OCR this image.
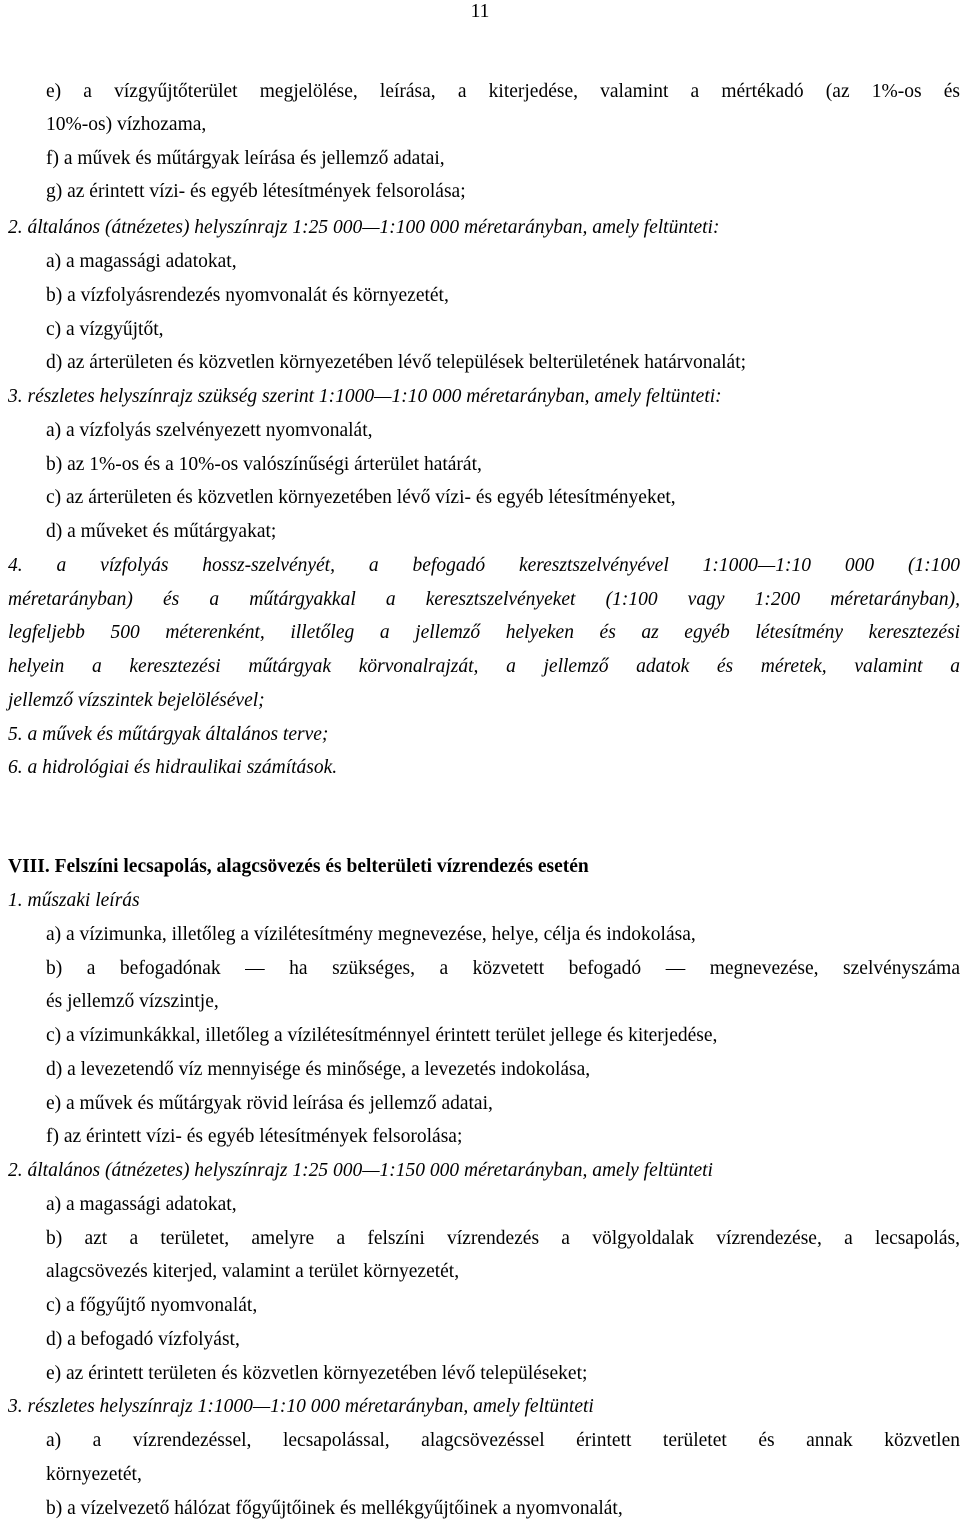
11
e) a vízgyűjtőterület megjelölése, leírása, a kiterjedése, valamint a mértékadó (az 1%-os és
10%-os) vízhozama,
f) a művek és műtárgyak leírása és jellemző adatai,
g) az érintett vízi- és egyéb létesítmények felsorolása;
2. általános (átnézetes) helyszínrajz 1:25 000—1:100 000 méretarányban, amely feltünteti:
a) a magassági adatokat,
b) a vízfolyásrendezés nyomvonalát és környezetét,
c) a vízgyűjtőt,
d) az árterületen és közvetlen környezetében lévő települések belterületének határvonalát;
3. részletes helyszínrajz szükség szerint 1:1000—1:10 000 méretarányban, amely feltünteti:
a) a vízfolyás szelvényezett nyomvonalát,
b) az 1%-os és a 10%-os valószínűségi árterület határát,
c) az árterületen és közvetlen környezetében lévő vízi- és egyéb létesítményeket,
d) a műveket és műtárgyakat;
4. a vízfolyás hossz-szelvényét, a befogadó keresztszelvényével 1:1000—1:10 000 (1:100
méretarányban) és a műtárgyakkal a keresztszelvényeket (1:100 vagy 1:200 méretarányban),
legfeljebb 500 méterenként, illetőleg a jellemző helyeken és az egyéb létesítmény keresztezési
helyein a keresztezési műtárgyak körvonalrajzát, a jellemző adatok és méretek, valamint a
jellemző vízszintek bejelölésével;
5. a művek és műtárgyak általános terve;
6. a hidrológiai és hidraulikai számítások.
VIII. Felszíni lecsapolás, alagcsövezés és belterületi vízrendezés esetén
1. műszaki leírás
a) a vízimunka, illetőleg a vízilétesítmény megnevezése, helye, célja és indokolása,
b) a befogadónak — ha szükséges, a közvetett befogadó — megnevezése, szelvényszáma
és jellemző vízszintje,
c) a vízimunkákkal, illetőleg a vízilétesítménnyel érintett terület jellege és kiterjedése,
d) a levezetendő víz mennyisége és minősége, a levezetés indokolása,
e) a művek és műtárgyak rövid leírása és jellemző adatai,
f) az érintett vízi- és egyéb létesítmények felsorolása;
2. általános (átnézetes) helyszínrajz 1:25 000—1:150 000 méretarányban, amely feltünteti
a) a magassági adatokat,
b) azt a területet, amelyre a felszíni vízrendezés a völgyoldalak vízrendezése, a lecsapolás,
alagcsövezés kiterjed, valamint a terület környezetét,
c) a főgyűjtő nyomvonalát,
d) a befogadó vízfolyást,
e) az érintett területen és közvetlen környezetében lévő településeket;
3. részletes helyszínrajz 1:1000—1:10 000 méretarányban, amely feltünteti
a) a vízrendezéssel, lecsapolással, alagcsövezéssel érintett területet és annak közvetlen
környezetét,
b) a vízelvezető hálózat főgyűjtőinek és mellékgyűjtőinek a nyomvonalát,
